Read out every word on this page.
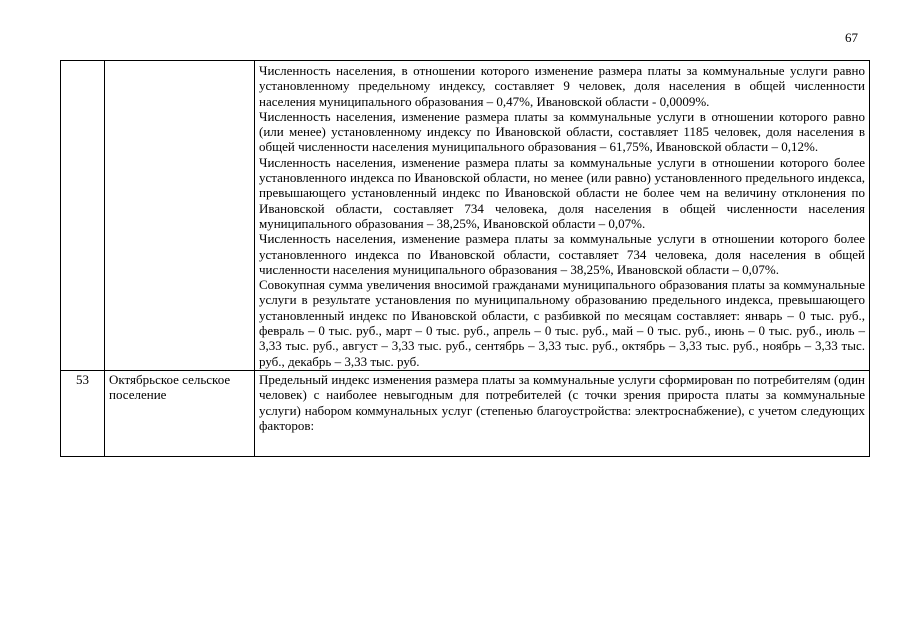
67

		Численность населения, в отношении которого изменение размера платы за коммунальные услуги равно установленному предельному индексу, составляет 9 человек, доля населения в общей численности населения муниципального образования – 0,47%, Ивановской области - 0,0009%.

Численность населения, изменение размера платы за коммунальные услуги в отношении которого равно (или менее) установленному индексу по Ивановской области, составляет 1185 человек, доля населения в общей численности населения муниципального образования – 61,75%, Ивановской области – 0,12%.

Численность населения, изменение размера платы за коммунальные услуги в отношении которого более установленного индекса по Ивановской области, но менее (или равно) установленного предельного индекса, превышающего установленный индекс по Ивановской области не более чем на величину отклонения по Ивановской области, составляет 734 человека, доля населения в общей численности населения муниципального образования – 38,25%, Ивановской области – 0,07%.

Численность населения, изменение размера платы за коммунальные услуги в отношении которого более установленного индекса по Ивановской области, составляет 734 человека, доля населения в общей численности населения муниципального образования – 38,25%, Ивановской области – 0,07%.

Совокупная сумма увеличения вносимой гражданами муниципального образования платы за коммунальные услуги в результате установления по муниципальному образованию предельного индекса, превышающего установленный индекс по Ивановской области, с разбивкой по месяцам составляет: январь – 0 тыс. руб., февраль – 0 тыс. руб., март – 0 тыс. руб., апрель – 0 тыс. руб., май – 0 тыс. руб., июнь – 0 тыс. руб., июль – 3,33 тыс. руб., август – 3,33 тыс. руб., сентябрь – 3,33 тыс. руб., октябрь – 3,33 тыс. руб., ноябрь – 3,33 тыс. руб., декабрь – 3,33 тыс. руб.

53	Октябрьское сельское поселение	Предельный индекс изменения размера платы за коммунальные услуги сформирован по потребителям (один человек) с наиболее невыгодным для потребителей (с точки зрения прироста платы за коммунальные услуги) набором коммунальных услуг (степенью благоустройства: электроснабжение), с учетом следующих факторов:
